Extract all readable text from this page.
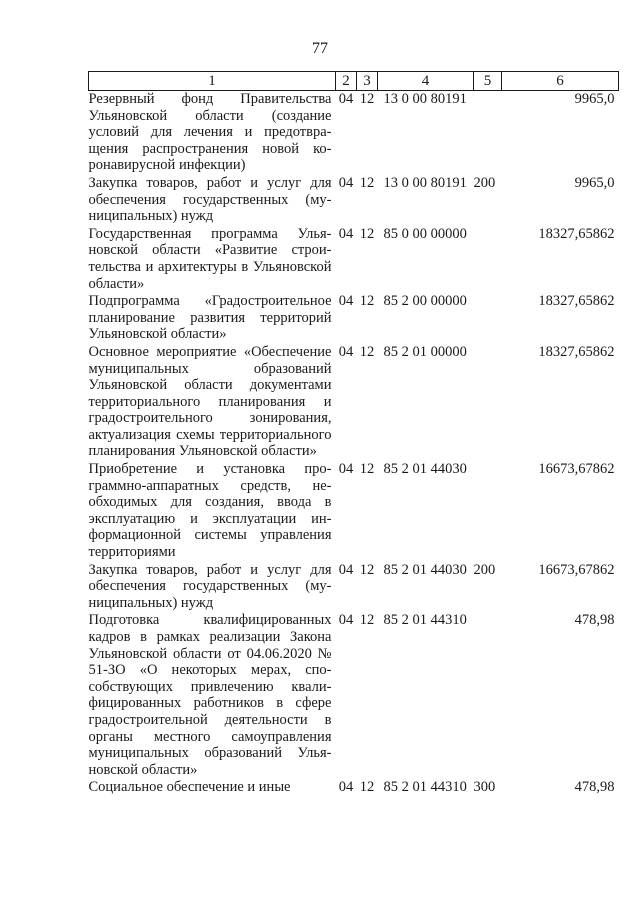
77
1	2	3	4	5	6
Резервный фонд Правительства Ульяновской области (создание условий для лечения и предотвращения распространения новой коронавирусной инфекции)	04	12	13 0 00 80191		9965,0
Закупка товаров, работ и услуг для обеспечения государственных (муниципальных) нужд	04	12	13 0 00 80191	200	9965,0
Государственная программа Ульяновской области «Развитие строительства и архитектуры в Ульяновской области»	04	12	85 0 00 00000		18327,65862
Подпрограмма «Градостроительное планирование развития территорий Ульяновской области»	04	12	85 2 00 00000		18327,65862
Основное мероприятие «Обеспечение муниципальных образований Ульяновской области документами территориального планирования и градостроительного зонирования, актуализация схемы территориального планирования Ульяновской области»	04	12	85 2 01 00000		18327,65862
Приобретение и установка программно-аппаратных средств, необходимых для создания, ввода в эксплуатацию и эксплуатации информационной системы управления территориями	04	12	85 2 01 44030		16673,67862
Закупка товаров, работ и услуг для обеспечения государственных (муниципальных) нужд	04	12	85 2 01 44030	200	16673,67862
Подготовка квалифицированных кадров в рамках реализации Закона Ульяновской области от 04.06.2020 № 51-ЗО «О некоторых мерах, способствующих привлечению квалифицированных работников в сфере градостроительной деятельности в органы местного самоуправления муниципальных образований Ульяновской области»	04	12	85 2 01 44310		478,98
Социальное обеспечение и иные	04	12	85 2 01 44310	300	478,98
